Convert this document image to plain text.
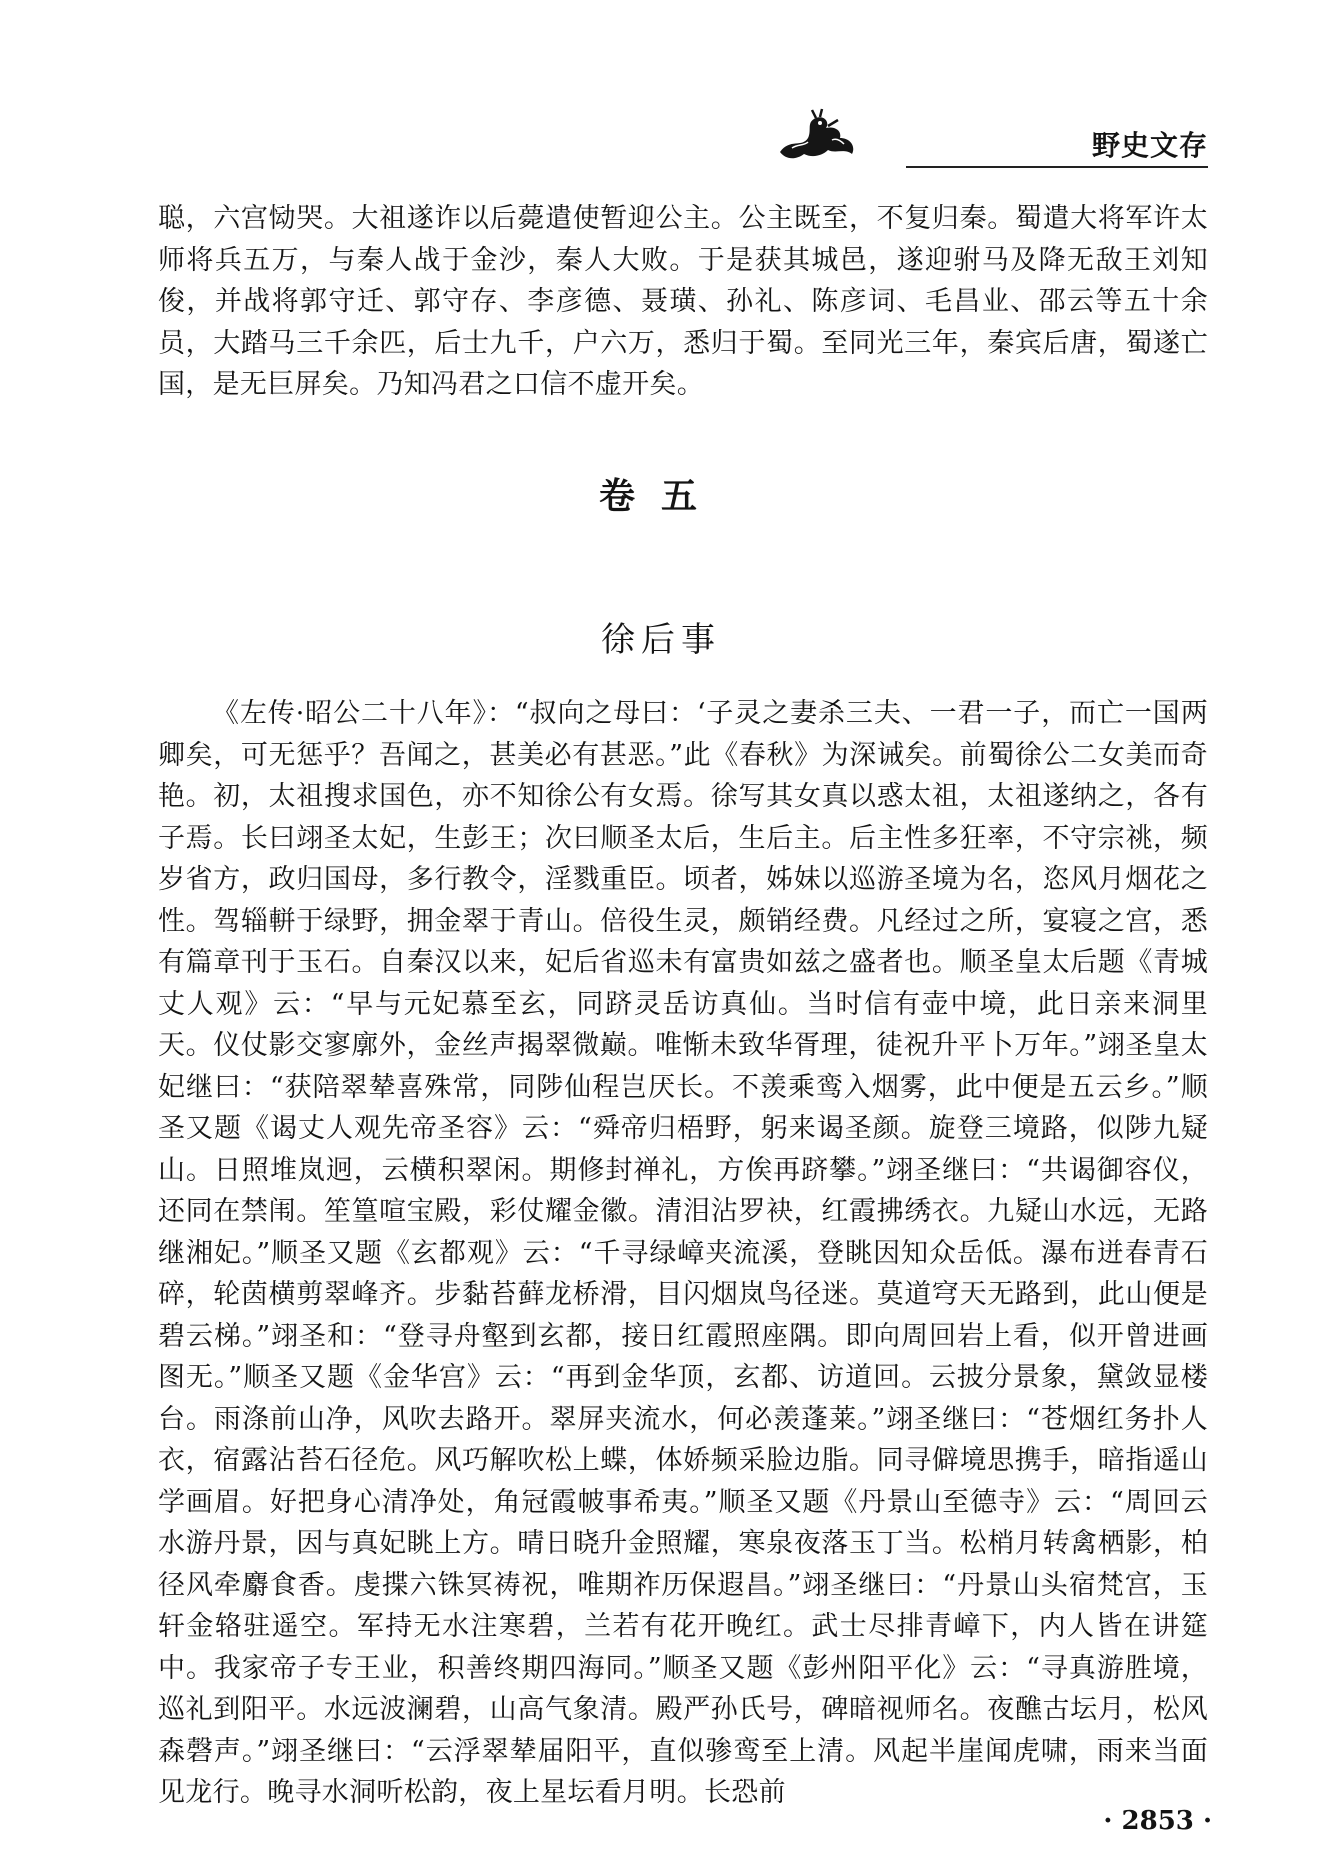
野史文存

聪，六宫恸哭。大祖遂诈以后薨遣使暂迎公主。公主既至，不复归秦。蜀遣大将军许太师将兵五万，与秦人战于金沙，秦人大败。于是获其城邑，遂迎驸马及降无敌王刘知俊，并战将郭守迁、郭守存、李彦德、聂璜、孙礼、陈彦词、毛昌业、邵云等五十余员，大踏马三千余匹，后士九千，户六万，悉归于蜀。至同光三年，秦宾后唐，蜀遂亡国，是无巨屏矣。乃知冯君之口信不虚开矣。

卷五
徐后事

《左传·昭公二十八年》：“叔向之母曰：‘子灵之妻杀三夫、一君一子，而亡一国两卿矣，可无惩乎？吾闻之，甚美必有甚恶。”此《春秋》为深诫矣。前蜀徐公二女美而奇艳。初，太祖搜求国色，亦不知徐公有女焉。徐写其女真以惑太祖，太祖遂纳之，各有子焉。长曰翊圣太妃，生彭王；次曰顺圣太后，生后主。后主性多狂率，不守宗祧，频岁省方，政归国母，多行教令，淫戮重臣。顷者，姊妹以巡游圣境为名，恣风月烟花之性。驾辎軿于绿野，拥金翠于青山。倍役生灵，颇销经费。凡经过之所，宴寝之宫，悉有篇章刊于玉石。自秦汉以来，妃后省巡未有富贵如兹之盛者也。顺圣皇太后题《青城丈人观》云：“早与元妃慕至玄，同跻灵岳访真仙。当时信有壶中境，此日亲来洞里天。仪仗影交寥廓外，金丝声揭翠微巅。唯惭未致华胥理，徒祝升平卜万年。”翊圣皇太妃继曰：“获陪翠辇喜殊常，同陟仙程岂厌长。不羡乘鸾入烟雾，此中便是五云乡。”顺圣又题《谒丈人观先帝圣容》云：“舜帝归梧野，躬来谒圣颜。旋登三境路，似陟九疑山。日照堆岚迥，云横积翠闲。期修封禅礼，方俟再跻攀。”翊圣继曰：“共谒御容仪，还同在禁闱。笙篁喧宝殿，彩仗耀金徽。清泪沾罗袂，红霞拂绣衣。九疑山水远，无路继湘妃。”顺圣又题《玄都观》云：“千寻绿嶂夹流溪，登眺因知众岳低。瀑布迸春青石碎，轮茵横剪翠峰齐。步黏苔藓龙桥滑，目闪烟岚鸟径迷。莫道穹天无路到，此山便是碧云梯。”翊圣和：“登寻舟壑到玄都，接日红霞照座隅。即向周回岩上看，似开曾进画图无。”顺圣又题《金华宫》云：“再到金华顶，玄都、访道回。云披分景象，黛敛显楼台。雨涤前山净，风吹去路开。翠屏夹流水，何必羡蓬莱。”翊圣继曰：“苍烟红务扑人衣，宿露沾苔石径危。风巧解吹松上蝶，体娇频采脸边脂。同寻僻境思携手，暗指遥山学画眉。好把身心清净处，角冠霞帔事希夷。”顺圣又题《丹景山至德寺》云：“周回云水游丹景，因与真妃眺上方。晴日晓升金照耀，寒泉夜落玉丁当。松梢月转禽栖影，柏径风牵麝食香。虔揲六铢冥祷祝，唯期祚历保遐昌。”翊圣继曰：“丹景山头宿梵宫，玉轩金辂驻遥空。军持无水注寒碧，兰若有花开晚红。武士尽排青嶂下，内人皆在讲筵中。我家帝子专王业，积善终期四海同。”顺圣又题《彭州阳平化》云：“寻真游胜境，巡礼到阳平。水远波澜碧，山高气象清。殿严孙氏号，碑暗视师名。夜醮古坛月，松风森磬声。”翊圣继曰：“云浮翠辇届阳平，直似骖鸾至上清。风起半崖闻虎啸，雨来当面见龙行。晚寻水洞听松韵，夜上星坛看月明。长恐前

· 2853 ·
